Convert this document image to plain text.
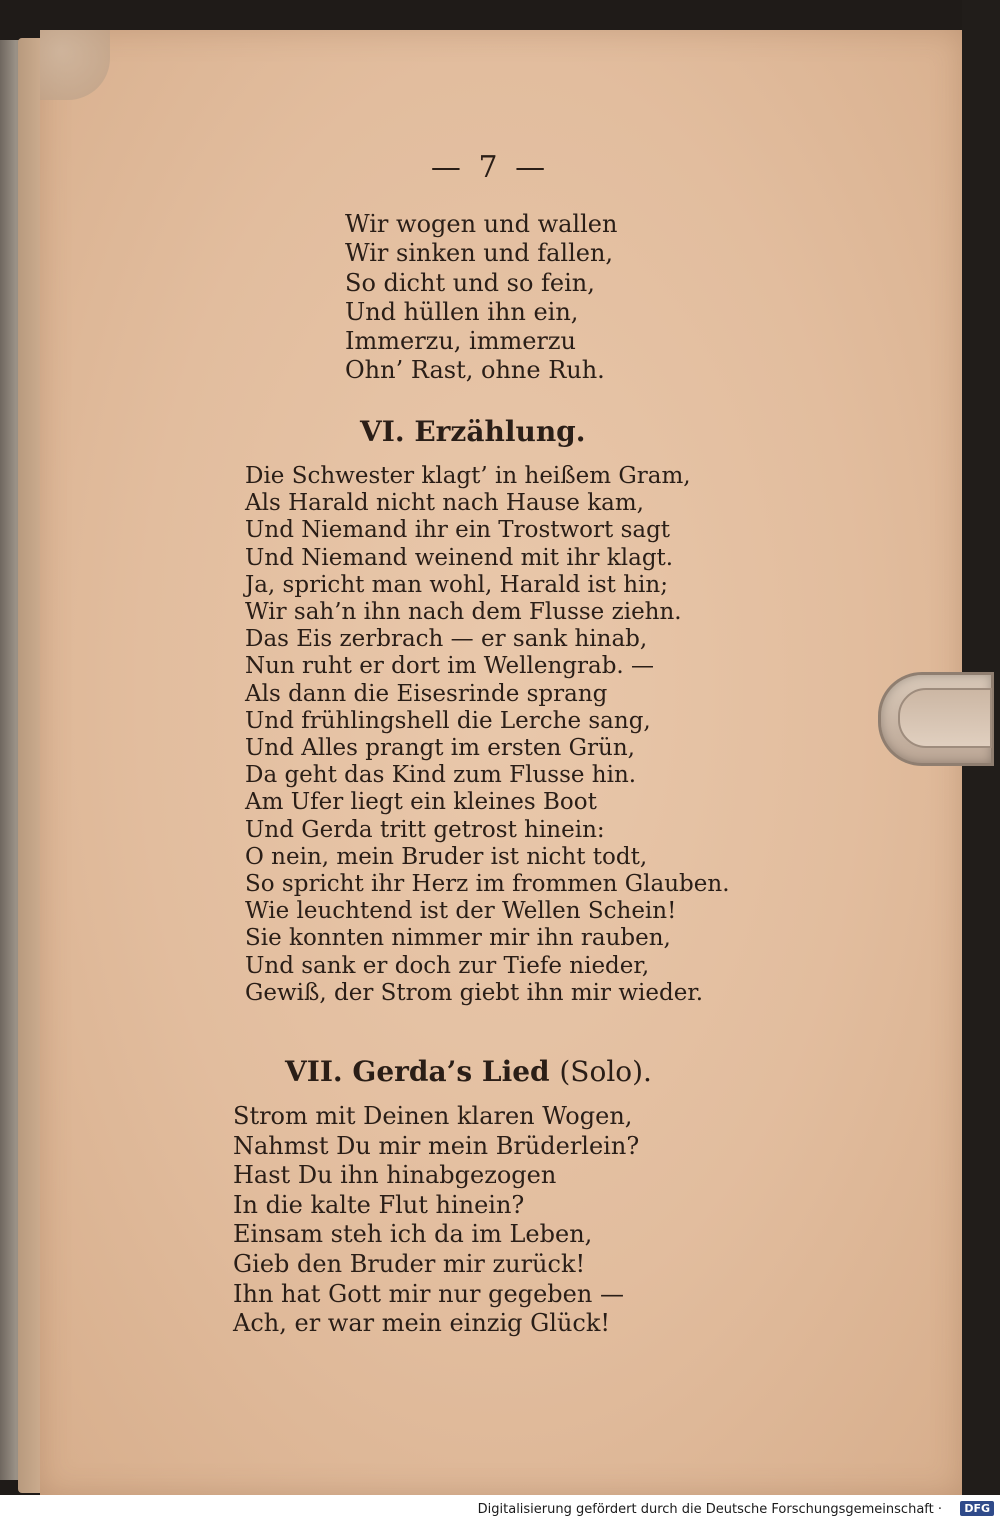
— 7 —
Wir wogen und wallen
Wir sinken und fallen,
So dicht und so fein,
Und hüllen ihn ein,
Immerzu, immerzu
Ohn’ Rast, ohne Ruh.
VI. Erzählung.
Die Schwester klagt’ in heißem Gram,
Als Harald nicht nach Hause kam,
Und Niemand ihr ein Trostwort sagt
Und Niemand weinend mit ihr klagt.
Ja, spricht man wohl, Harald ist hin;
Wir sah’n ihn nach dem Flusse ziehn.
Das Eis zerbrach — er sank hinab,
Nun ruht er dort im Wellengrab. —
Als dann die Eisesrinde sprang
Und frühlingshell die Lerche sang,
Und Alles prangt im ersten Grün,
Da geht das Kind zum Flusse hin.
Am Ufer liegt ein kleines Boot
Und Gerda tritt getrost hinein:
O nein, mein Bruder ist nicht todt,
So spricht ihr Herz im frommen Glauben.
Wie leuchtend ist der Wellen Schein!
Sie konnten nimmer mir ihn rauben,
Und sank er doch zur Tiefe nieder,
Gewiß, der Strom giebt ihn mir wieder.
VII. Gerda’s Lied (Solo).
Strom mit Deinen klaren Wogen,
Nahmst Du mir mein Brüderlein?
Hast Du ihn hinabgezogen
In die kalte Flut hinein?
Einsam steh ich da im Leben,
Gieb den Bruder mir zurück!
Ihn hat Gott mir nur gegeben —
Ach, er war mein einzig Glück!
Digitalisierung gefördert durch die Deutsche Forschungsgemeinschaft ·	DFG
